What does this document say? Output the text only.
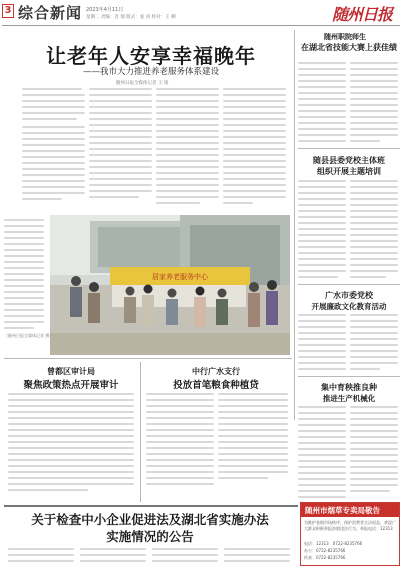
3 综合新闻 2023年4月11日
星期二 责编：肖 瑞 版式：张 涛 校对：王 柳	随州日报
让老年人安享幸福晚年
——我市大力推进养老服务体系建设
随州日报全媒体记者 王 康
居家养老服务中心
（随州日报全媒体记者 摄）
曾都区审计局
聚焦政策热点开展审计
中行广水支行
投放首笔粮食种植贷
随州职院师生
在湖北省技能大赛上获佳绩
随县县委党校主体班
组织开展主题培训
广水市委党校
开展廉政文化教育活动
集中育秧推良种
推进生产机械化
关于检查中小企业促进法及湖北省实施办法
实施情况的公告
随州市烟草专卖局敬告
为维护卷烟市场秩序，保护消费者合法权益，欢迎广大群众积极举报涉烟违法行为。举报电话：12313
电话：12313　0722-8235766
办公：0722-8235766
传真：0722-8235766
